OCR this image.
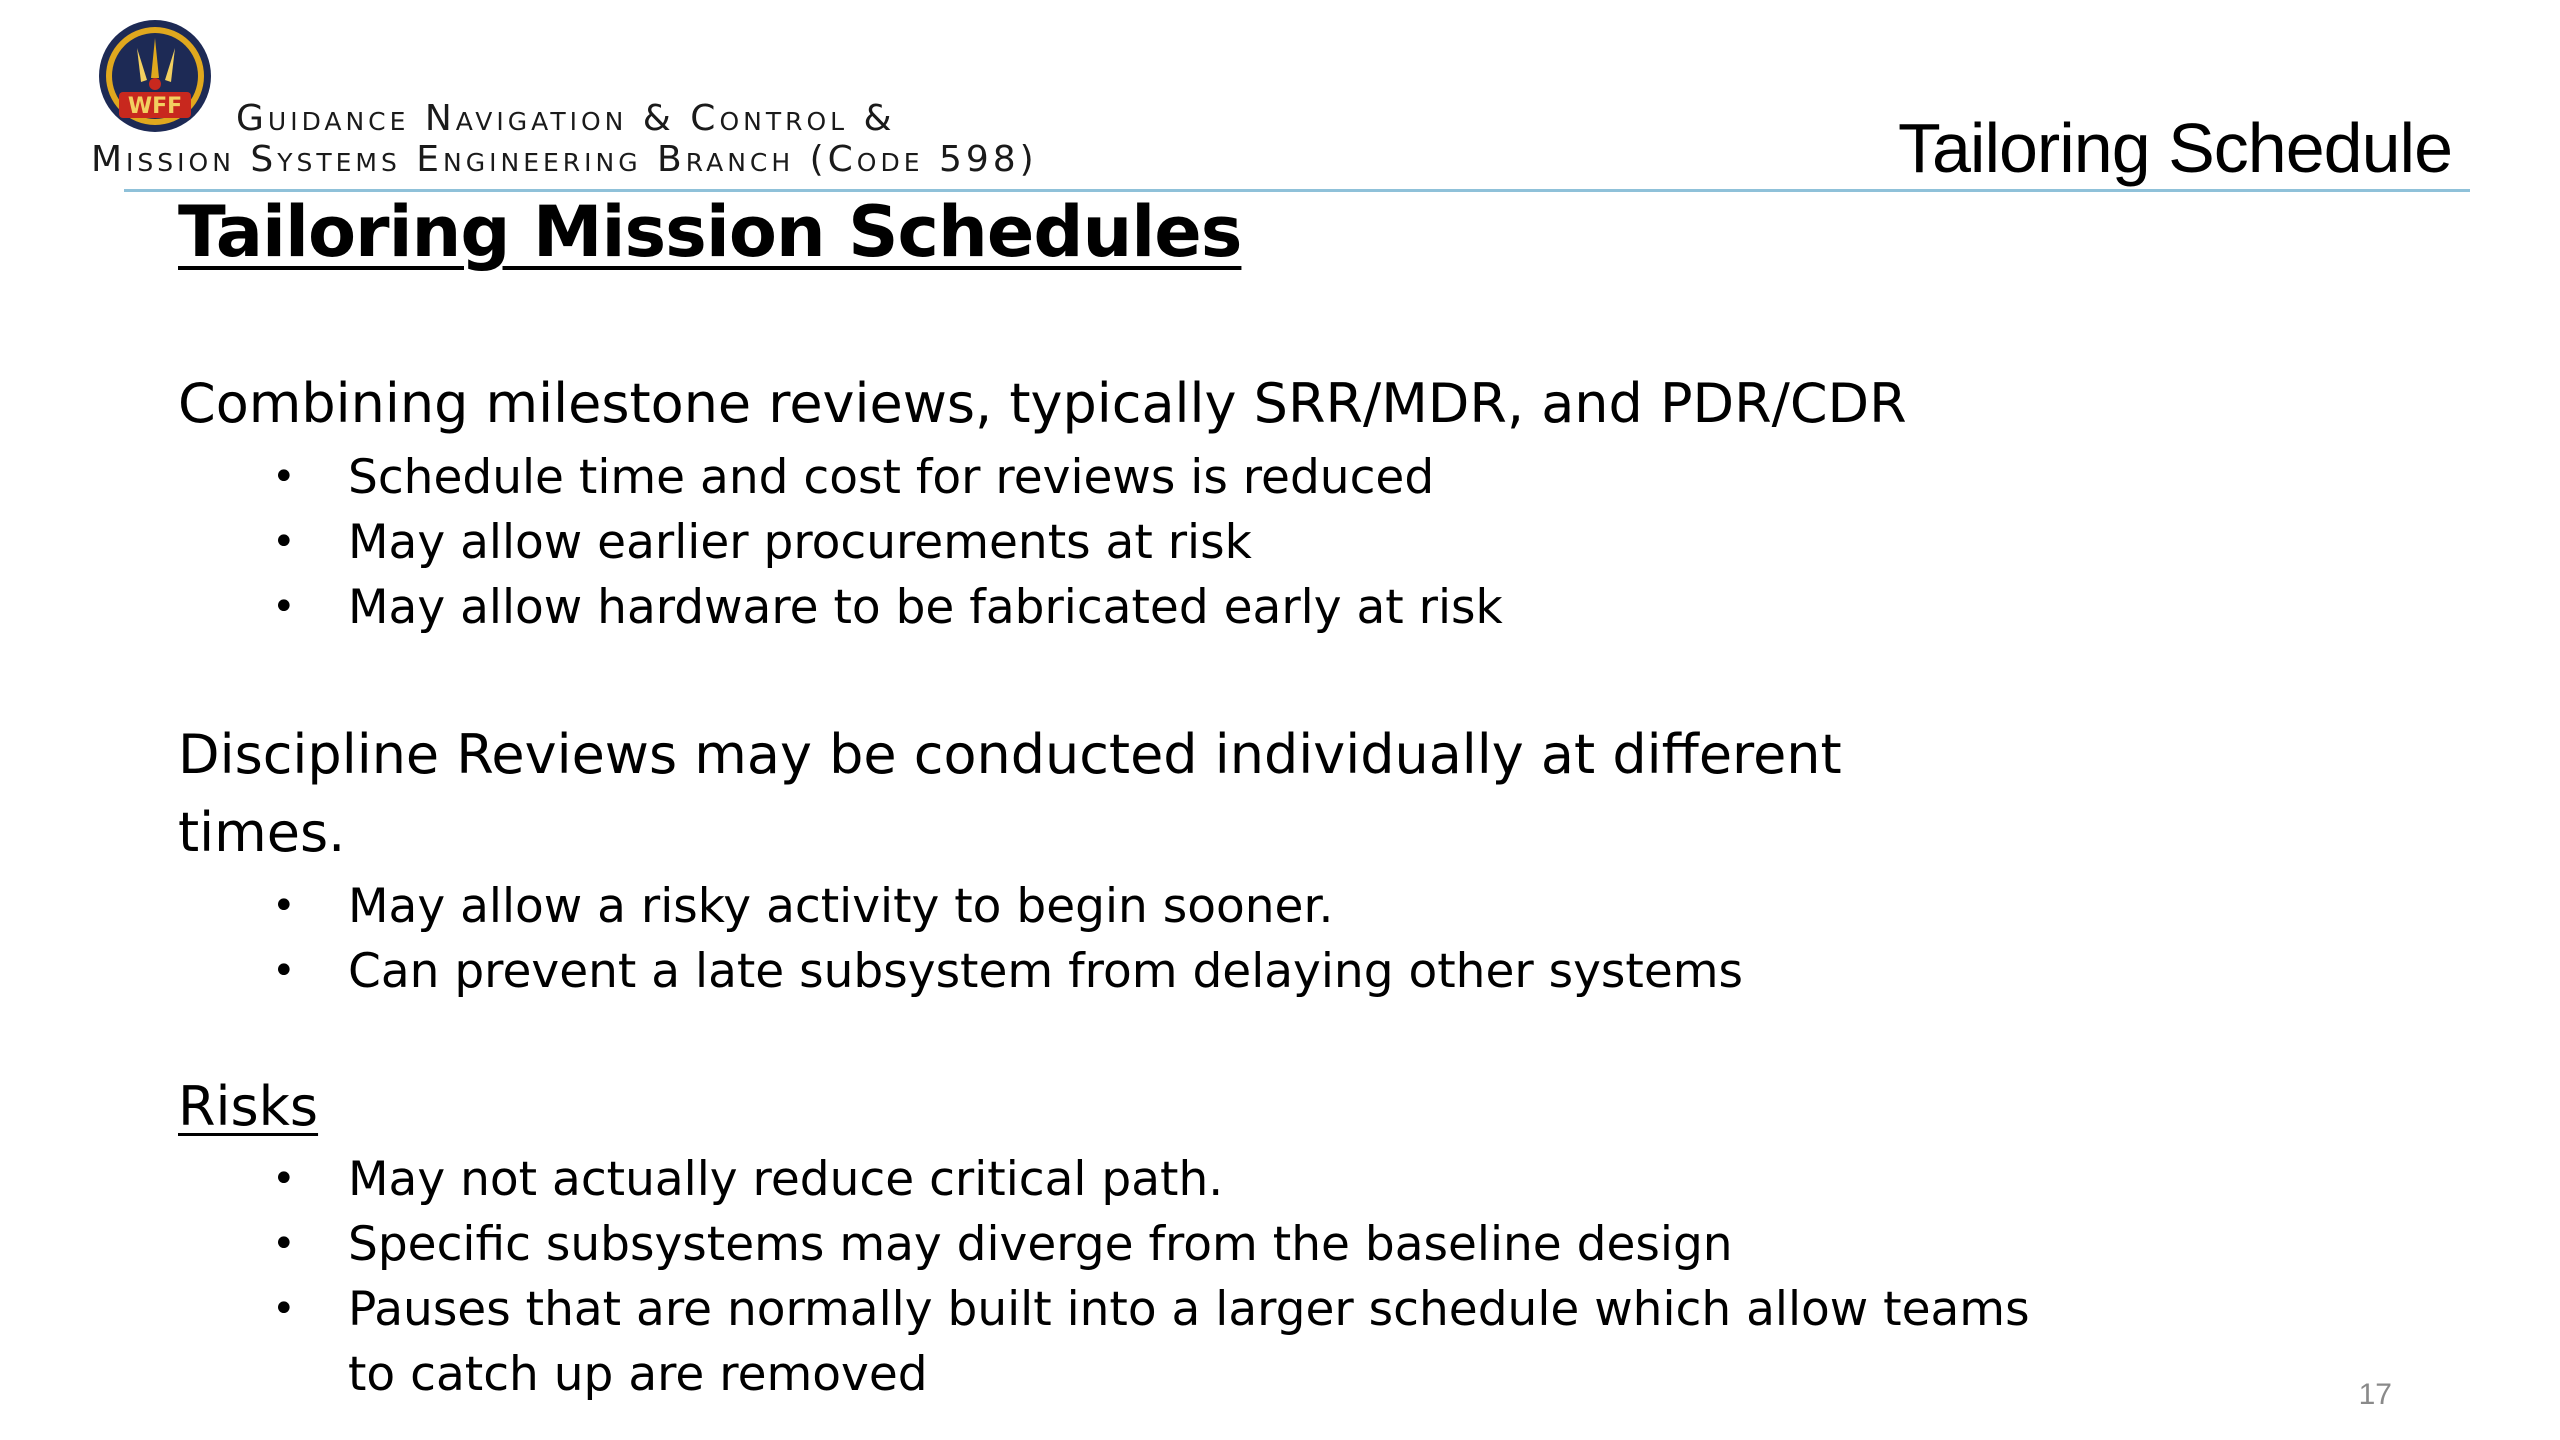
WFF Guidance Navigation & Control &
Mission Systems Engineering Branch (Code 598)	Tailoring Schedule
Tailoring Mission Schedules
Combining milestone reviews, typically SRR/MDR, and PDR/CDR
• Schedule time and cost for reviews is reduced
• May allow earlier procurements at risk
• May allow hardware to be fabricated early at risk
Discipline Reviews may be conducted individually at different
times.
• May allow a risky activity to begin sooner.
• Can prevent a late subsystem from delaying other systems
Risks
• May not actually reduce critical path.
• Specific subsystems may diverge from the baseline design
• Pauses that are normally built into a larger schedule which allow teams
to catch up are removed	17
